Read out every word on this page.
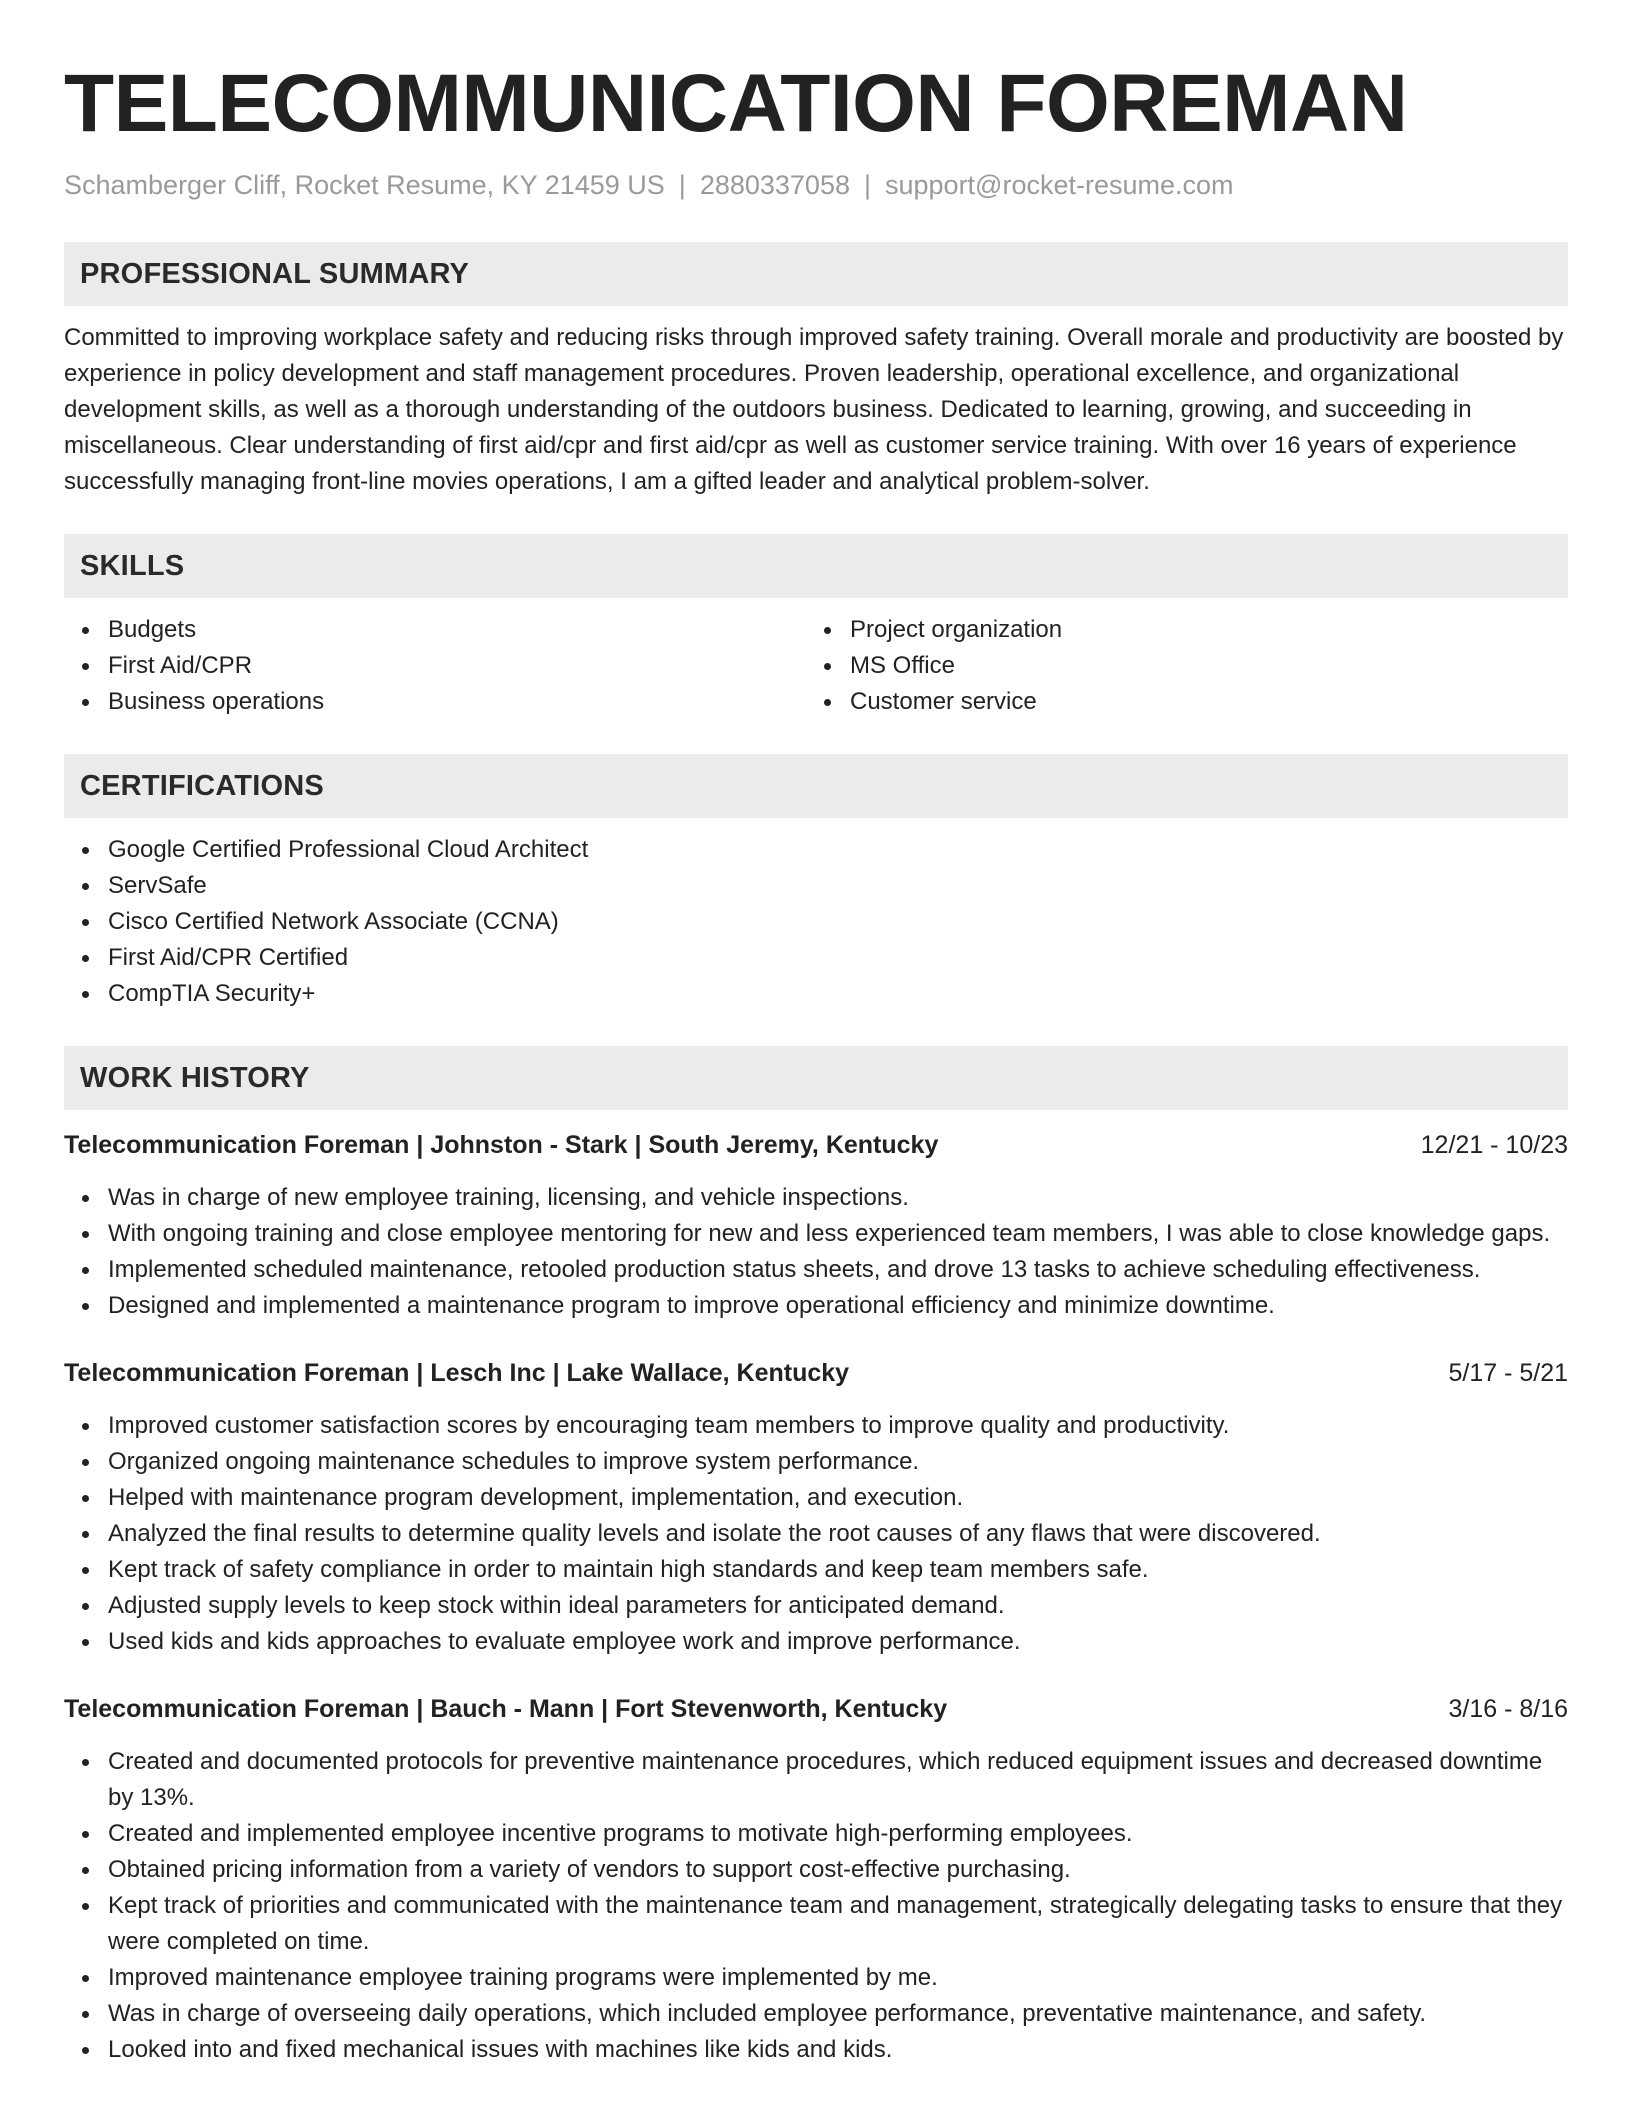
TELECOMMUNICATION FOREMAN
Schamberger Cliff, Rocket Resume, KY 21459 US | 2880337058 | support@rocket-resume.com
PROFESSIONAL SUMMARY

Committed to improving workplace safety and reducing risks through improved safety training. Overall morale and productivity are boosted by experience in policy development and staff management procedures. Proven leadership, operational excellence, and organizational development skills, as well as a thorough understanding of the outdoors business. Dedicated to learning, growing, and succeeding in miscellaneous. Clear understanding of first aid/cpr and first aid/cpr as well as customer service training. With over 16 years of experience successfully managing front-line movies operations, I am a gifted leader and analytical problem-solver.

SKILLS
Budgets
First Aid/CPR
Business operations
Project organization
MS Office
Customer service
CERTIFICATIONS
Google Certified Professional Cloud Architect
ServSafe
Cisco Certified Network Associate (CCNA)
First Aid/CPR Certified
CompTIA Security+
WORK HISTORY
Telecommunication Foreman | Johnston - Stark | South Jeremy, Kentucky	12/21 - 10/23
Was in charge of new employee training, licensing, and vehicle inspections.
With ongoing training and close employee mentoring for new and less experienced team members, I was able to close knowledge gaps.
Implemented scheduled maintenance, retooled production status sheets, and drove 13 tasks to achieve scheduling effectiveness.
Designed and implemented a maintenance program to improve operational efficiency and minimize downtime.
Telecommunication Foreman | Lesch Inc | Lake Wallace, Kentucky	5/17 - 5/21
Improved customer satisfaction scores by encouraging team members to improve quality and productivity.
Organized ongoing maintenance schedules to improve system performance.
Helped with maintenance program development, implementation, and execution.
Analyzed the final results to determine quality levels and isolate the root causes of any flaws that were discovered.
Kept track of safety compliance in order to maintain high standards and keep team members safe.
Adjusted supply levels to keep stock within ideal parameters for anticipated demand.
Used kids and kids approaches to evaluate employee work and improve performance.
Telecommunication Foreman | Bauch - Mann | Fort Stevenworth, Kentucky	3/16 - 8/16
Created and documented protocols for preventive maintenance procedures, which reduced equipment issues and decreased downtime by 13%.
Created and implemented employee incentive programs to motivate high-performing employees.
Obtained pricing information from a variety of vendors to support cost-effective purchasing.
Kept track of priorities and communicated with the maintenance team and management, strategically delegating tasks to ensure that they were completed on time.
Improved maintenance employee training programs were implemented by me.
Was in charge of overseeing daily operations, which included employee performance, preventative maintenance, and safety.
Looked into and fixed mechanical issues with machines like kids and kids.
